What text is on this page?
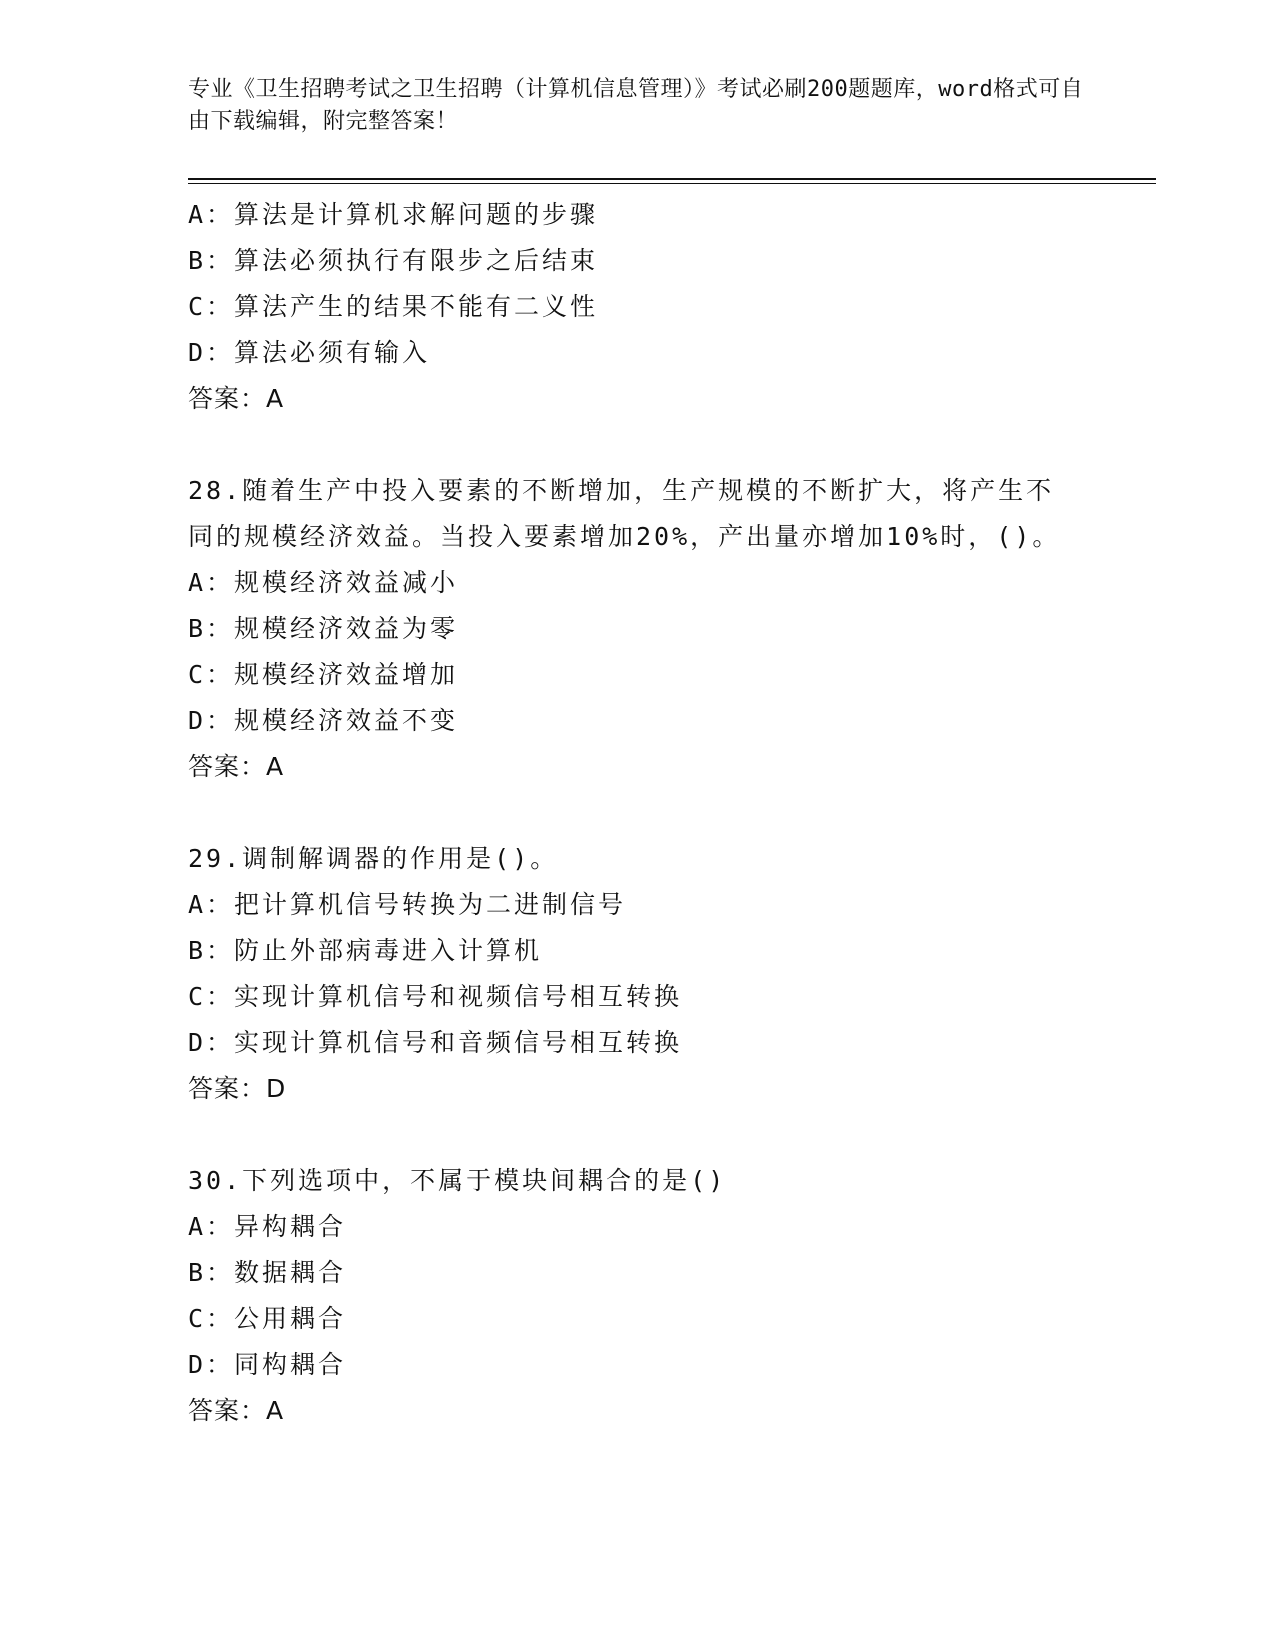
专业《卫生招聘考试之卫生招聘（计算机信息管理）》考试必刷200题题库，word格式可自由下载编辑，附完整答案！
A：算法是计算机求解问题的步骤
B：算法必须执行有限步之后结束
C：算法产生的结果不能有二义性
D：算法必须有输入
答案：A
28.随着生产中投入要素的不断增加，生产规模的不断扩大，将产生不同的规模经济效益。当投入要素增加20%，产出量亦增加10%时，()。
A：规模经济效益减小
B：规模经济效益为零
C：规模经济效益增加
D：规模经济效益不变
答案：A
29.调制解调器的作用是()。
A：把计算机信号转换为二进制信号
B：防止外部病毒进入计算机
C：实现计算机信号和视频信号相互转换
D：实现计算机信号和音频信号相互转换
答案：D
30.下列选项中，不属于模块间耦合的是()
A：异构耦合
B：数据耦合
C：公用耦合
D：同构耦合
答案：A
